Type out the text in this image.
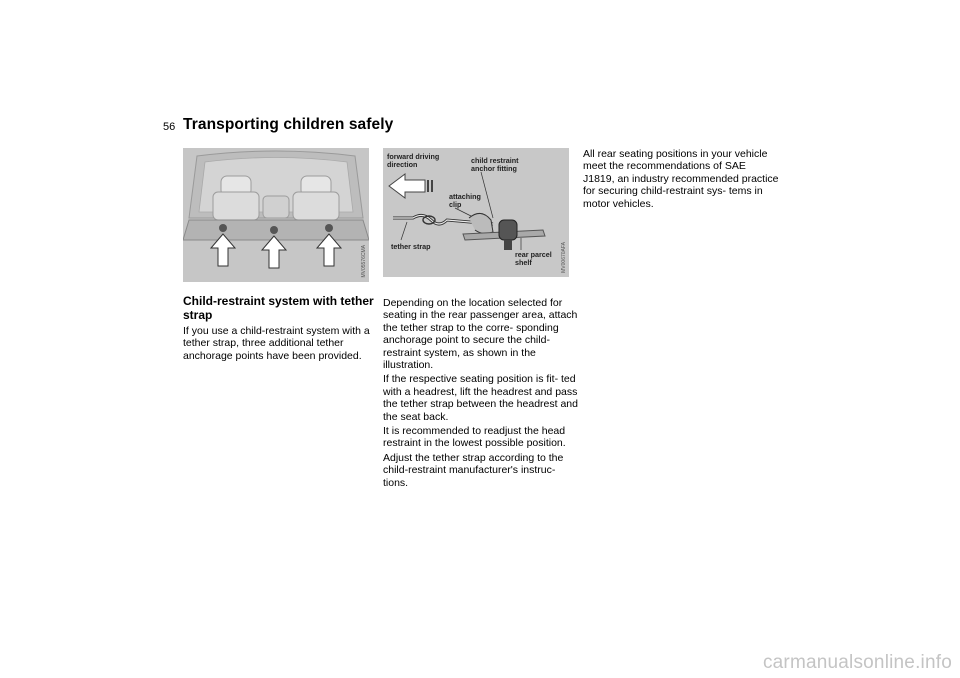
56 Transporting children safely
MV05576CMA
forward driving
direction	child restraint
anchor fitting
attaching
clip
tether strap
rear parcel
shelf	MV00670AFA
Child-restraint system with tether strap

If you use a child-restraint system with a tether strap, three additional tether anchorage points have been provided.

Depending on the location selected for seating in the rear passenger area, attach the tether strap to the corre- sponding anchorage point to secure the child-restraint system, as shown in the illustration.

If the respective seating position is fit- ted with a headrest, lift the headrest and pass the tether strap between the headrest and the seat back.

It is recommended to readjust the head restraint in the lowest possible position.

Adjust the tether strap according to the child-restraint manufacturer's instruc- tions.

All rear seating positions in your vehicle meet the recommendations of SAE J1819, an industry recommended practice for securing child-restraint sys- tems in motor vehicles.

carmanualsonline.info
